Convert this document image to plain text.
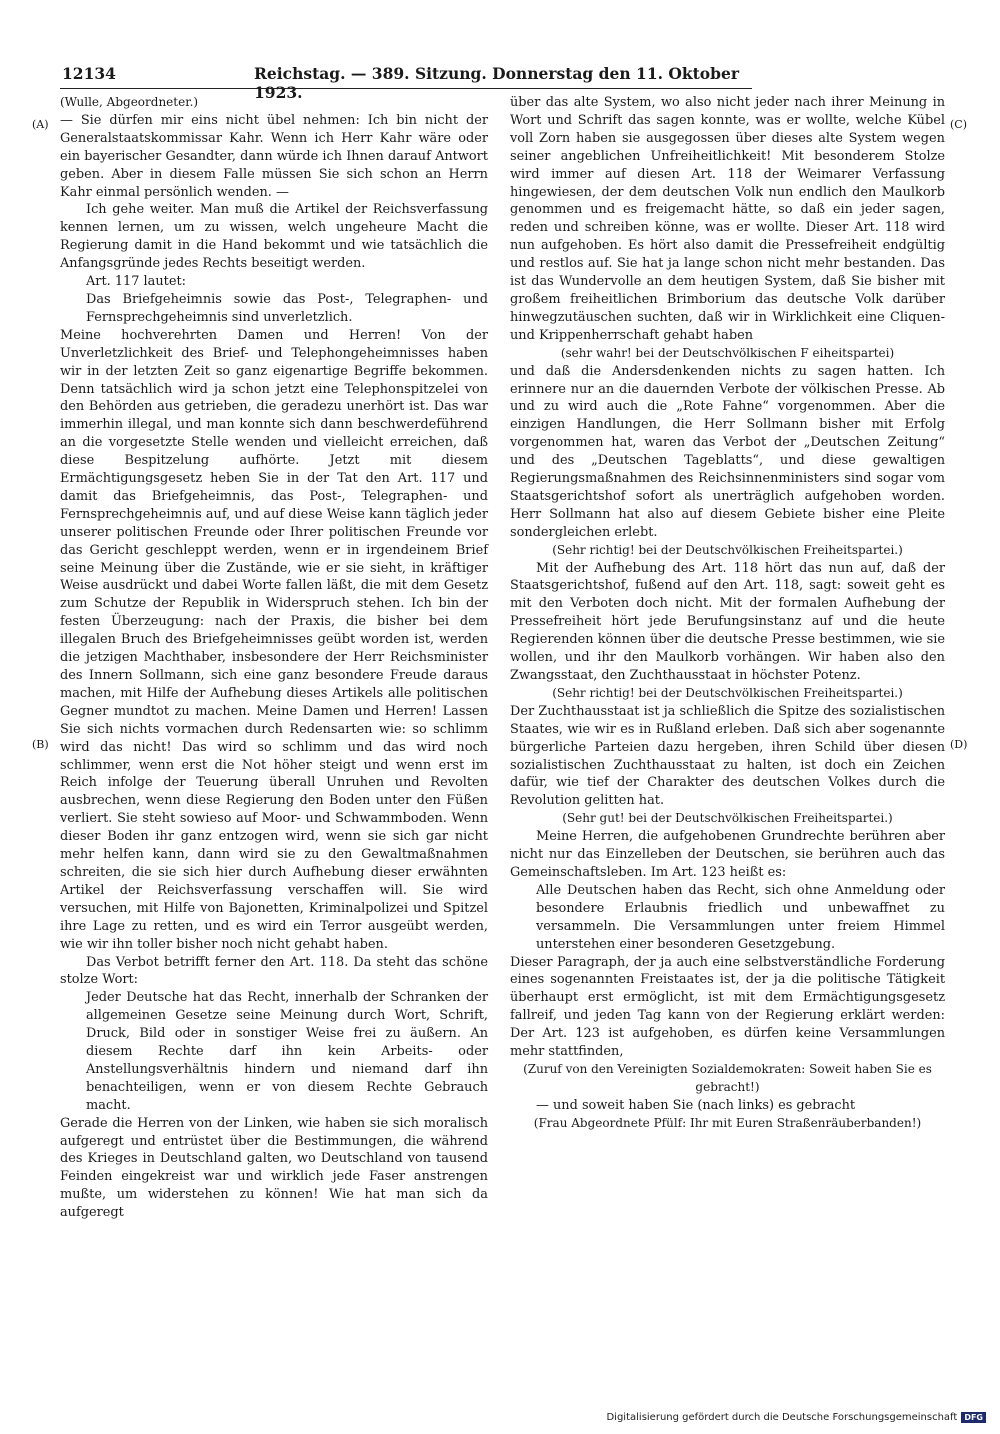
12134	Reichstag. — 389. Sitzung. Donnerstag den 11. Oktober 1923.
(A)
(B)
(C)
(D)

(Wulle, Abgeordneter.)

— Sie dürfen mir eins nicht übel nehmen: Ich bin nicht der Generalstaatskommissar Kahr. Wenn ich Herr Kahr wäre oder ein bayerischer Gesandter, dann würde ich Ihnen darauf Antwort geben. Aber in diesem Falle müssen Sie sich schon an Herrn Kahr einmal persönlich wenden. —

Ich gehe weiter. Man muß die Artikel der Reichsverfassung kennen lernen, um zu wissen, welch ungeheure Macht die Regierung damit in die Hand bekommt und wie tatsächlich die Anfangsgründe jedes Rechts beseitigt werden.

Art. 117 lautet:

Das Briefgeheimnis sowie das Post-, Telegraphen- und Fernsprechgeheimnis sind unverletzlich.

Meine hochverehrten Damen und Herren! Von der Unverletzlichkeit des Brief- und Telephongeheimnisses haben wir in der letzten Zeit so ganz eigenartige Begriffe bekommen. Denn tatsächlich wird ja schon jetzt eine Telephonspitzelei von den Behörden aus getrieben, die geradezu unerhört ist. Das war immerhin illegal, und man konnte sich dann beschwerdeführend an die vorgesetzte Stelle wenden und vielleicht erreichen, daß diese Bespitzelung aufhörte. Jetzt mit diesem Ermächtigungsgesetz heben Sie in der Tat den Art. 117 und damit das Briefgeheimnis, das Post-, Telegraphen- und Fernsprechgeheimnis auf, und auf diese Weise kann täglich jeder unserer politischen Freunde oder Ihrer politischen Freunde vor das Gericht geschleppt werden, wenn er in irgendeinem Brief seine Meinung über die Zustände, wie er sie sieht, in kräftiger Weise ausdrückt und dabei Worte fallen läßt, die mit dem Gesetz zum Schutze der Republik in Widerspruch stehen. Ich bin der festen Überzeugung: nach der Praxis, die bisher bei dem illegalen Bruch des Briefgeheimnisses geübt worden ist, werden die jetzigen Machthaber, insbesondere der Herr Reichsminister des Innern Sollmann, sich eine ganz besondere Freude daraus machen, mit Hilfe der Aufhebung dieses Artikels alle politischen Gegner mundtot zu machen. Meine Damen und Herren! Lassen Sie sich nichts vormachen durch Redensarten wie: so schlimm wird das nicht! Das wird so schlimm und das wird noch schlimmer, wenn erst die Not höher steigt und wenn erst im Reich infolge der Teuerung überall Unruhen und Revolten ausbrechen, wenn diese Regierung den Boden unter den Füßen verliert. Sie steht sowieso auf Moor- und Schwammboden. Wenn dieser Boden ihr ganz entzogen wird, wenn sie sich gar nicht mehr helfen kann, dann wird sie zu den Gewaltmaßnahmen schreiten, die sie sich hier durch Aufhebung dieser erwähnten Artikel der Reichsverfassung verschaffen will. Sie wird versuchen, mit Hilfe von Bajonetten, Kriminalpolizei und Spitzel ihre Lage zu retten, und es wird ein Terror ausgeübt werden, wie wir ihn toller bisher noch nicht gehabt haben.

Das Verbot betrifft ferner den Art. 118. Da steht das schöne stolze Wort:

Jeder Deutsche hat das Recht, innerhalb der Schranken der allgemeinen Gesetze seine Meinung durch Wort, Schrift, Druck, Bild oder in sonstiger Weise frei zu äußern. An diesem Rechte darf ihn kein Arbeits- oder Anstellungsverhältnis hindern und niemand darf ihn benachteiligen, wenn er von diesem Rechte Gebrauch macht.

Gerade die Herren von der Linken, wie haben sie sich moralisch aufgeregt und entrüstet über die Bestimmungen, die während des Krieges in Deutschland galten, wo Deutschland von tausend Feinden eingekreist war und wirklich jede Faser anstrengen mußte, um widerstehen zu können! Wie hat man sich da aufgeregt

über das alte System, wo also nicht jeder nach ihrer Meinung in Wort und Schrift das sagen konnte, was er wollte, welche Kübel voll Zorn haben sie ausgegossen über dieses alte System wegen seiner angeblichen Unfreiheitlichkeit! Mit besonderem Stolze wird immer auf diesen Art. 118 der Weimarer Verfassung hingewiesen, der dem deutschen Volk nun endlich den Maulkorb genommen und es freigemacht hätte, so daß ein jeder sagen, reden und schreiben könne, was er wollte. Dieser Art. 118 wird nun aufgehoben. Es hört also damit die Pressefreiheit endgültig und restlos auf. Sie hat ja lange schon nicht mehr bestanden. Das ist das Wundervolle an dem heutigen System, daß Sie bisher mit großem freiheitlichen Brimborium das deutsche Volk darüber hinwegzutäuschen suchten, daß wir in Wirklichkeit eine Cliquen- und Krippenherrschaft gehabt haben

(sehr wahr! bei der Deutschvölkischen F eiheitspartei)

und daß die Andersdenkenden nichts zu sagen hatten. Ich erinnere nur an die dauernden Verbote der völkischen Presse. Ab und zu wird auch die „Rote Fahne“ vorgenommen. Aber die einzigen Handlungen, die Herr Sollmann bisher mit Erfolg vorgenommen hat, waren das Verbot der „Deutschen Zeitung“ und des „Deutschen Tageblatts“, und diese gewaltigen Regierungsmaßnahmen des Reichsinnenministers sind sogar vom Staatsgerichtshof sofort als unerträglich aufgehoben worden. Herr Sollmann hat also auf diesem Gebiete bisher eine Pleite sondergleichen erlebt.

(Sehr richtig! bei der Deutschvölkischen Freiheitspartei.)

Mit der Aufhebung des Art. 118 hört das nun auf, daß der Staatsgerichtshof, fußend auf den Art. 118, sagt: soweit geht es mit den Verboten doch nicht. Mit der formalen Aufhebung der Pressefreiheit hört jede Berufungsinstanz auf und die heute Regierenden können über die deutsche Presse bestimmen, wie sie wollen, und ihr den Maulkorb vorhängen. Wir haben also den Zwangsstaat, den Zuchthausstaat in höchster Potenz.

(Sehr richtig! bei der Deutschvölkischen Freiheitspartei.)

Der Zuchthausstaat ist ja schließlich die Spitze des sozialistischen Staates, wie wir es in Rußland erleben. Daß sich aber sogenannte bürgerliche Parteien dazu hergeben, ihren Schild über diesen sozialistischen Zuchthausstaat zu halten, ist doch ein Zeichen dafür, wie tief der Charakter des deutschen Volkes durch die Revolution gelitten hat.

(Sehr gut! bei der Deutschvölkischen Freiheitspartei.)

Meine Herren, die aufgehobenen Grundrechte berühren aber nicht nur das Einzelleben der Deutschen, sie berühren auch das Gemeinschaftsleben. Im Art. 123 heißt es:

Alle Deutschen haben das Recht, sich ohne Anmeldung oder besondere Erlaubnis friedlich und unbewaffnet zu versammeln. Die Versammlungen unter freiem Himmel unterstehen einer besonderen Gesetzgebung.

Dieser Paragraph, der ja auch eine selbstverständliche Forderung eines sogenannten Freistaates ist, der ja die politische Tätigkeit überhaupt erst ermöglicht, ist mit dem Ermächtigungsgesetz fallreif, und jeden Tag kann von der Regierung erklärt werden: Der Art. 123 ist aufgehoben, es dürfen keine Versammlungen mehr stattfinden,

(Zuruf von den Vereinigten Sozialdemokraten: Soweit haben Sie es gebracht!)

— und soweit haben Sie (nach links) es gebracht

(Frau Abgeordnete Pfülf: Ihr mit Euren Straßenräuberbanden!)

Digitalisierung gefördert durch die Deutsche Forschungsgemeinschaft DFG
